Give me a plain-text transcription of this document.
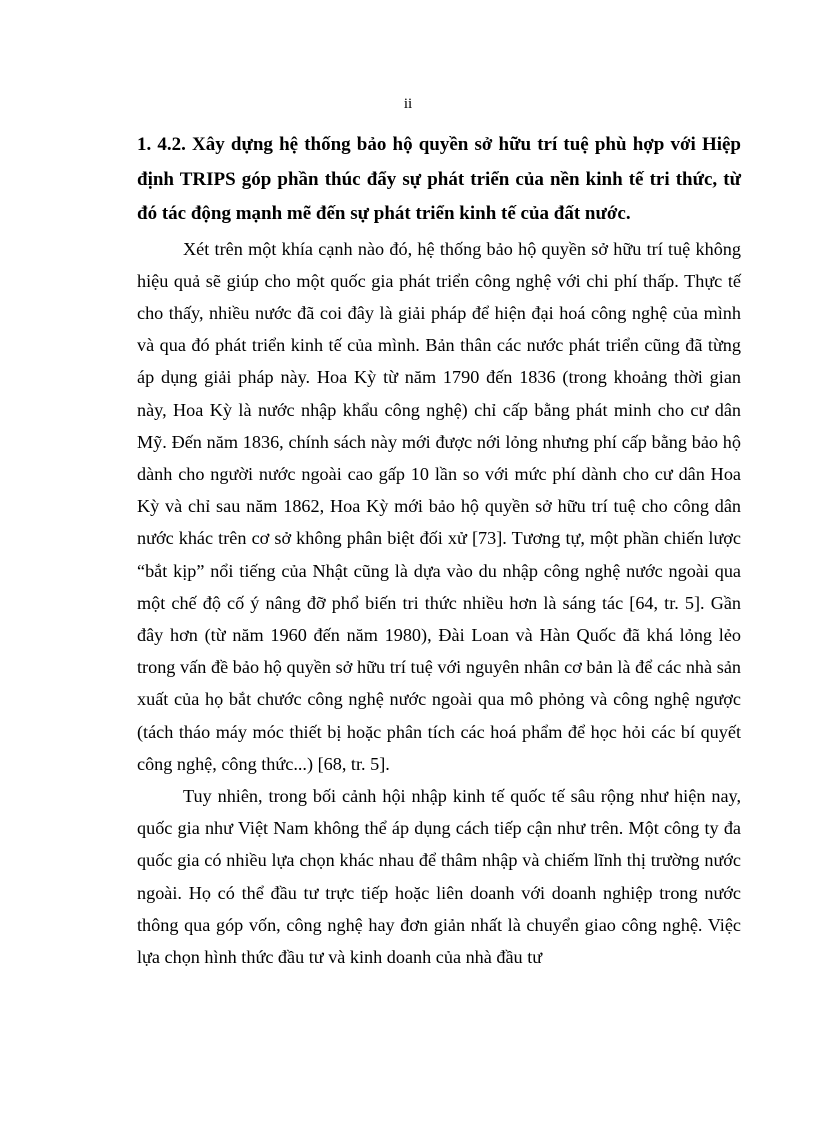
ii

1. 4.2. Xây dựng hệ thống bảo hộ quyền sở hữu trí tuệ phù hợp với Hiệp định TRIPS góp phần thúc đẩy sự phát triển của nền kinh tế tri thức, từ đó tác động mạnh mẽ đến sự phát triển kinh tế của đất nước.

Xét trên một khía cạnh nào đó, hệ thống bảo hộ quyền sở hữu trí tuệ không hiệu quả sẽ giúp cho một quốc gia phát triển công nghệ với chi phí thấp. Thực tế cho thấy, nhiều nước đã coi đây là giải pháp để hiện đại hoá công nghệ của mình và qua đó phát triển kinh tế của mình. Bản thân các nước phát triển cũng đã từng áp dụng giải pháp này. Hoa Kỳ từ năm 1790 đến 1836 (trong khoảng thời gian này, Hoa Kỳ là nước nhập khẩu công nghệ) chỉ cấp bằng phát minh cho cư dân Mỹ. Đến năm 1836, chính sách này mới được nới lỏng nhưng phí cấp bằng bảo hộ dành cho người nước ngoài cao gấp 10 lần so với mức phí dành cho cư dân Hoa Kỳ và chỉ sau năm 1862, Hoa Kỳ mới bảo hộ quyền sở hữu trí tuệ cho công dân nước khác trên cơ sở không phân biệt đối xử [73]. Tương tự, một phần chiến lược “bắt kịp” nổi tiếng của Nhật cũng là dựa vào du nhập công nghệ nước ngoài qua một chế độ cố ý nâng đỡ phổ biến tri thức nhiều hơn là sáng tác [64, tr. 5]. Gần đây hơn (từ năm 1960 đến năm 1980), Đài Loan và Hàn Quốc đã khá lỏng lẻo trong vấn đề bảo hộ quyền sở hữu trí tuệ với nguyên nhân cơ bản là để các nhà sản xuất của họ bắt chước công nghệ nước ngoài qua mô phỏng và công nghệ ngược (tách tháo máy móc thiết bị hoặc phân tích các hoá phẩm để học hỏi các bí quyết công nghệ, công thức...) [68, tr. 5].

Tuy nhiên, trong bối cảnh hội nhập kinh tế quốc tế sâu rộng như hiện nay, quốc gia như Việt Nam không thể áp dụng cách tiếp cận như trên. Một công ty đa quốc gia có nhiều lựa chọn khác nhau để thâm nhập và chiếm lĩnh thị trường nước ngoài. Họ có thể đầu tư trực tiếp hoặc liên doanh với doanh nghiệp trong nước thông qua góp vốn, công nghệ hay đơn giản nhất là chuyển giao công nghệ. Việc lựa chọn hình thức đầu tư và kinh doanh của nhà đầu tư
